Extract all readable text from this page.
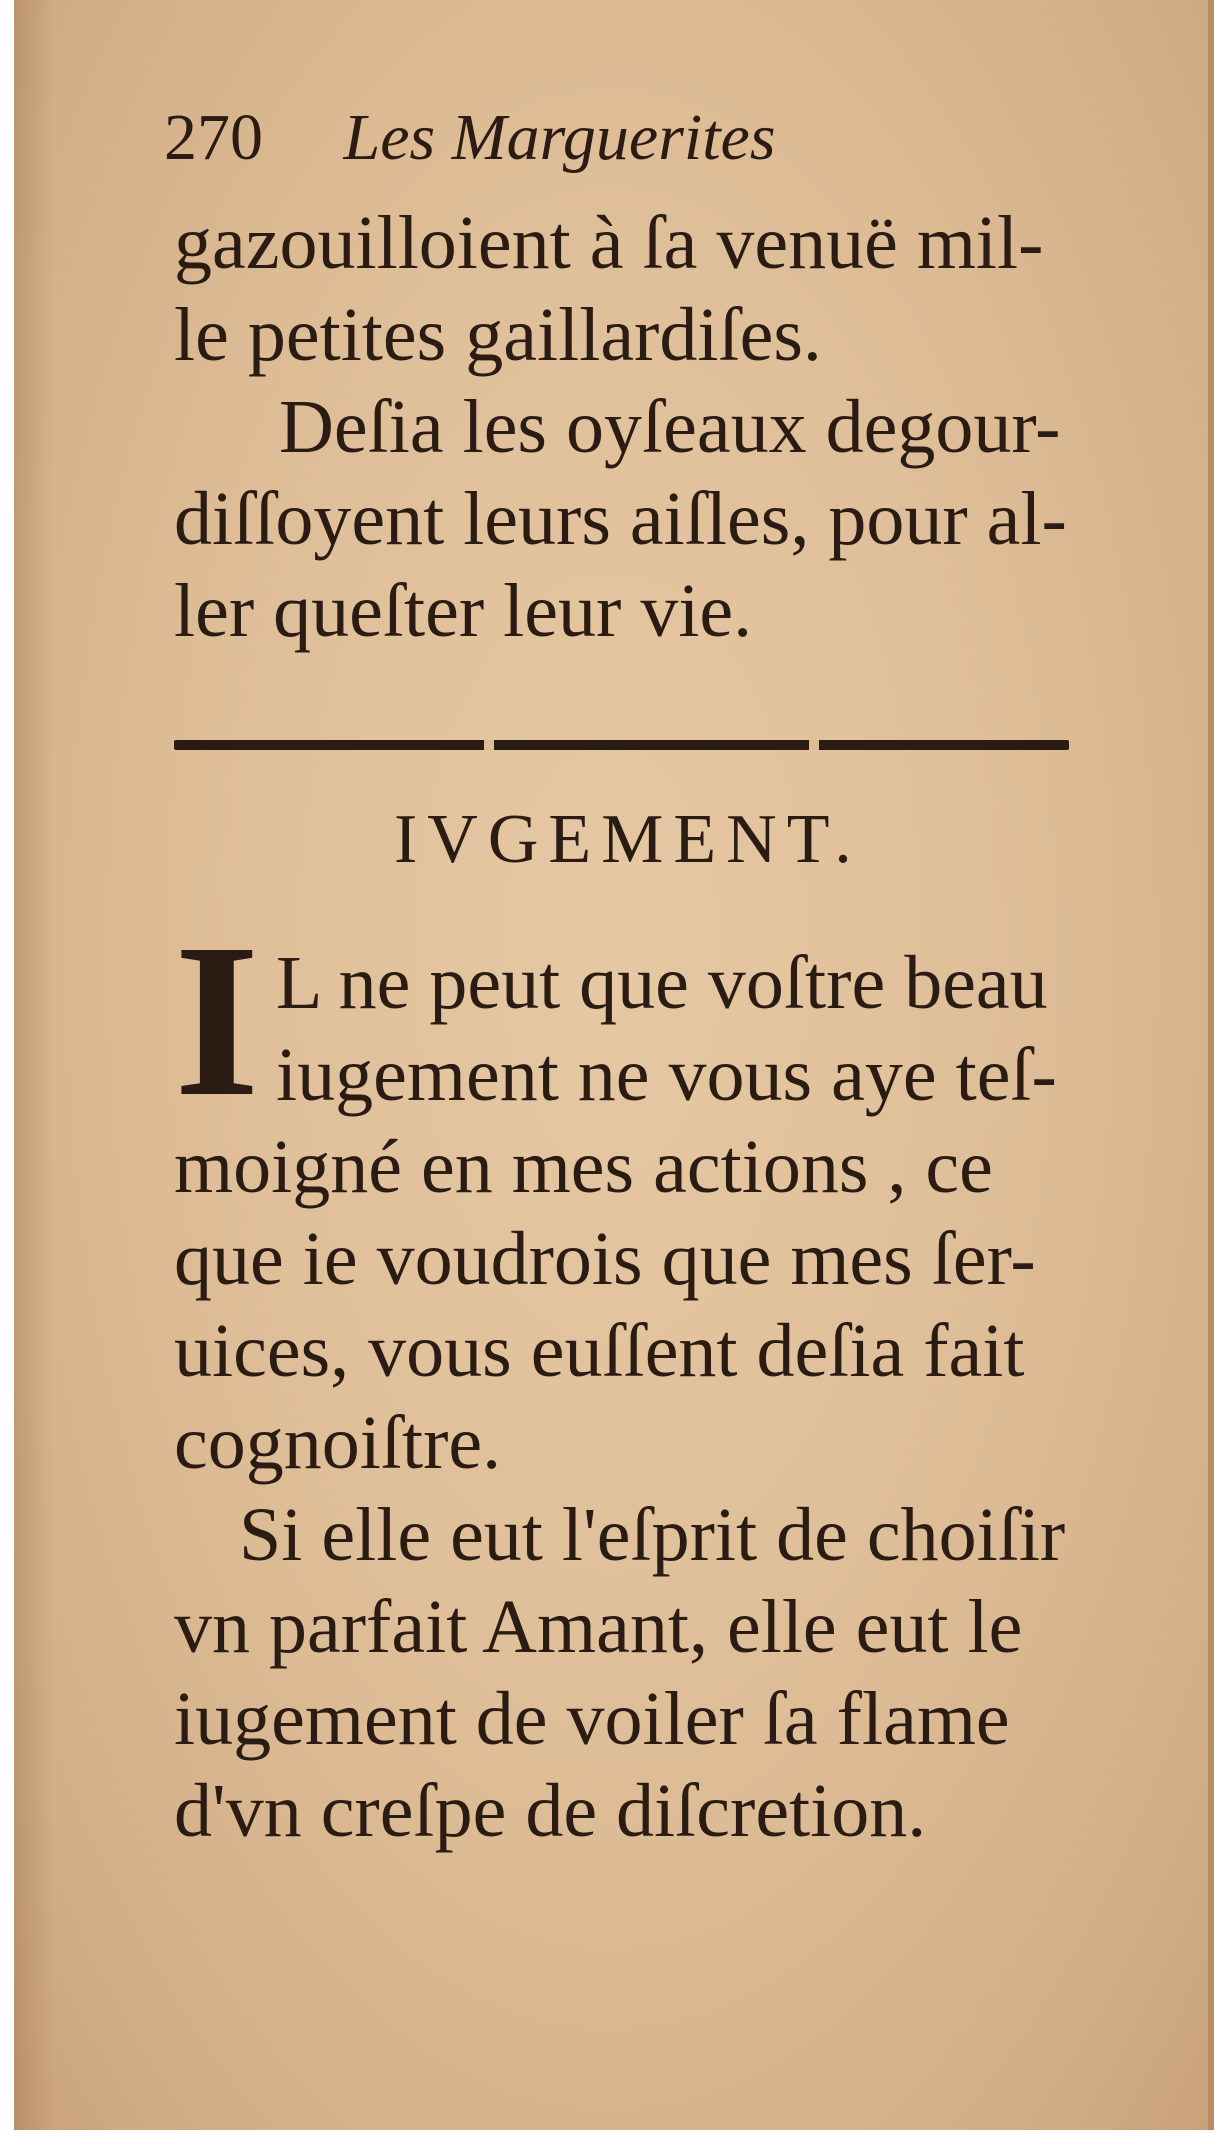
270 Les Marguerites
gazouilloient à ſa venuë mil-
le petites gaillardiſes.
Deſia les oyſeaux degour-
diſſoyent leurs aiſles, pour al-
ler queſter leur vie.
IVGEMENT.
I L ne peut que voſtre beau
iugement ne vous aye teſ-
moigné en mes actions , ce
que ie voudrois que mes ſer-
uices, vous euſſent deſia fait
cognoiſtre.
Si elle eut l'eſprit de choiſir
vn parfait Amant, elle eut le
iugement de voiler ſa flame
d'vn creſpe de diſcretion.
